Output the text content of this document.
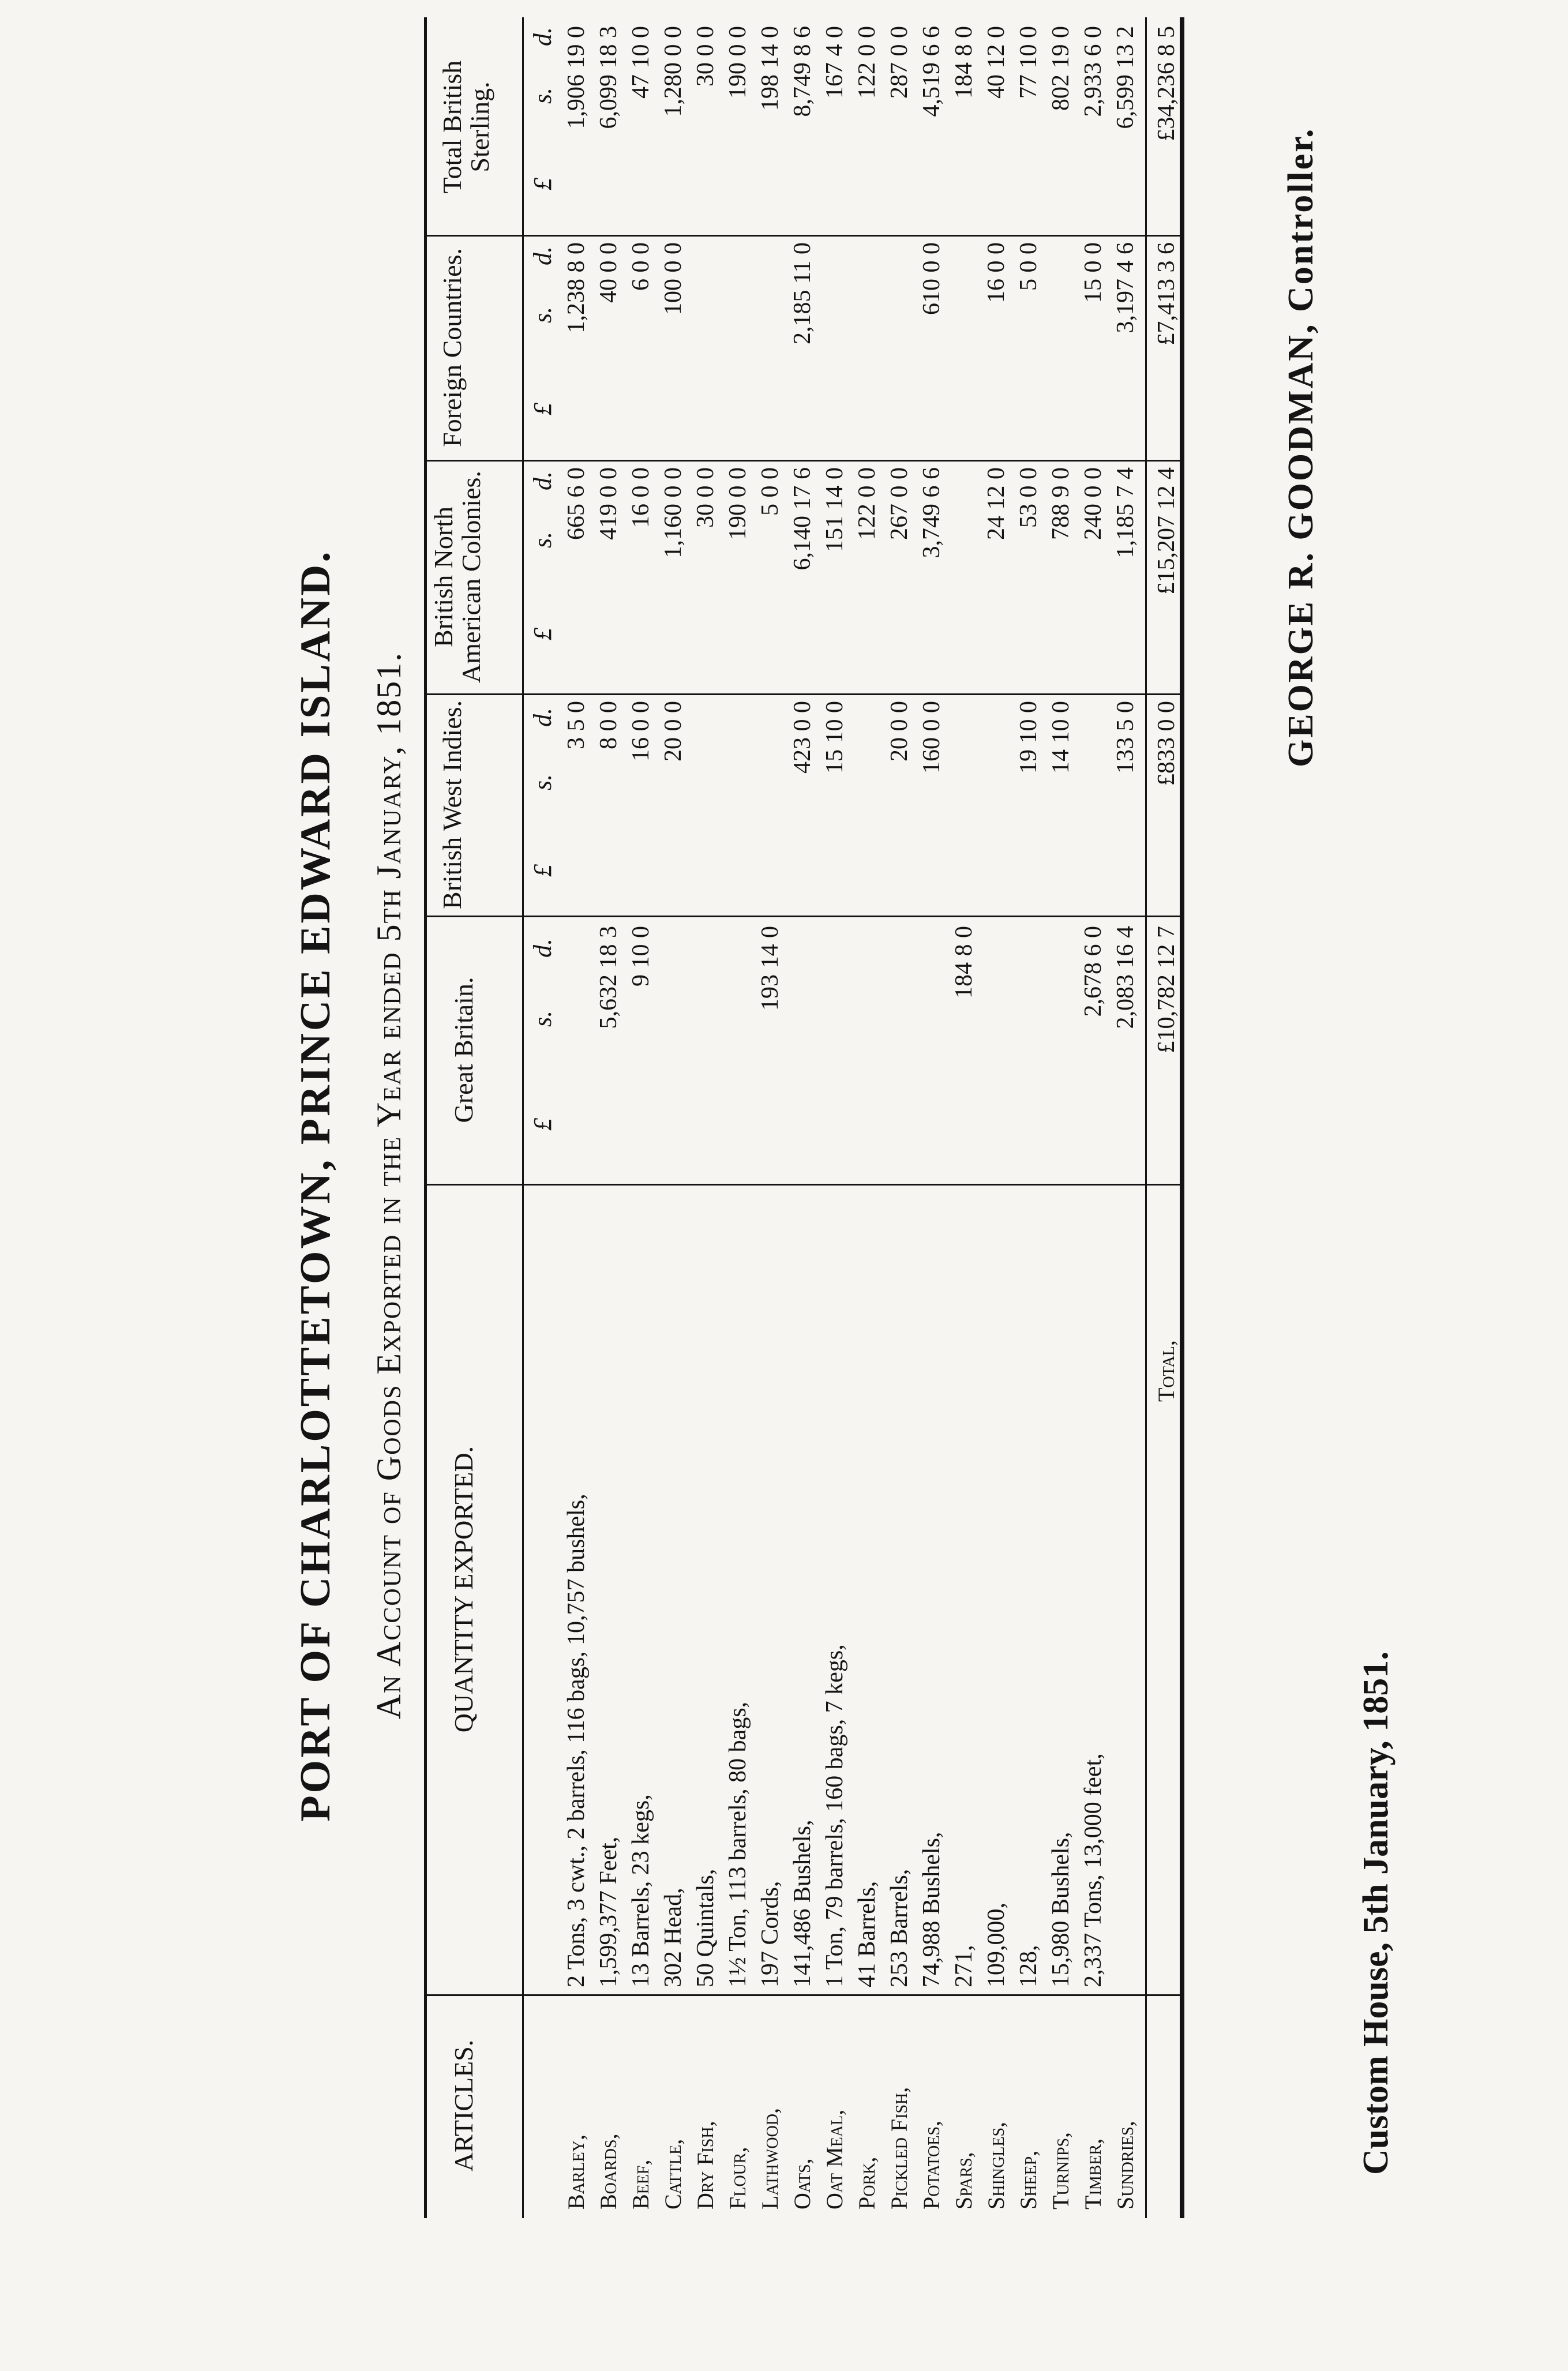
PORT OF CHARLOTTETOWN, PRINCE EDWARD ISLAND. An Account of Goods Exported in the Year ended 5th January, 1851.
ARTICLES.
QUANTITY EXPORTED.
Great Britain.
British West Indies.
British North American Colonies.
Foreign Countries.
Total British Sterling.
£
s.
d.
£
s.
d.
£
s.
d.
£
s.
d.
£
s.
d.
Barley,
2 Tons, 3 cwt., 2 barrels, 116 bags, 10,757 bushels,
3 5 0
665 6 0
1,238 8 0
1,906 19 0
Boards,
1,599,377 Feet,
5,632 18 3
8 0 0
419 0 0
40 0 0
6,099 18 3
Beef,
13 Barrels, 23 kegs,
9 10 0
16 0 0
16 0 0
6 0 0
47 10 0
Cattle,
302 Head,
20 0 0
1,160 0 0
100 0 0
1,280 0 0
Dry Fish,
50 Quintals,
30 0 0
30 0 0
Flour,
1½ Ton, 113 barrels, 80 bags,
190 0 0
190 0 0
Lathwood,
197 Cords,
193 14 0
5 0 0
198 14 0
Oats,
141,486 Bushels,
423 0 0
6,140 17 6
2,185 11 0
8,749 8 6
Oat Meal,
1 Ton, 79 barrels, 160 bags, 7 kegs,
15 10 0
151 14 0
167 4 0
Pork,
41 Barrels,
122 0 0
122 0 0
Pickled Fish,
253 Barrels,
20 0 0
267 0 0
287 0 0
Potatoes,
74,988 Bushels,
160 0 0
3,749 6 6
610 0 0
4,519 6 6
Spars,
271,
184 8 0
184 8 0
Shingles,
109,000,
24 12 0
16 0 0
40 12 0
Sheep,
128,
19 10 0
53 0 0
5 0 0
77 10 0
Turnips,
15,980 Bushels,
14 10 0
788 9 0
802 19 0
Timber,
2,337 Tons, 13,000 feet,
2,678 6 0
240 0 0
15 0 0
2,933 6 0
Sundries,
2,083 16 4
133 5 0
1,185 7 4
3,197 4 6
6,599 13 2
Total,
£10,782 12 7
£833 0 0
£15,207 12 4
£7,413 3 6
£34,236 8 5
Custom House, 5th January, 1851.
GEORGE R. GOODMAN, Controller.
